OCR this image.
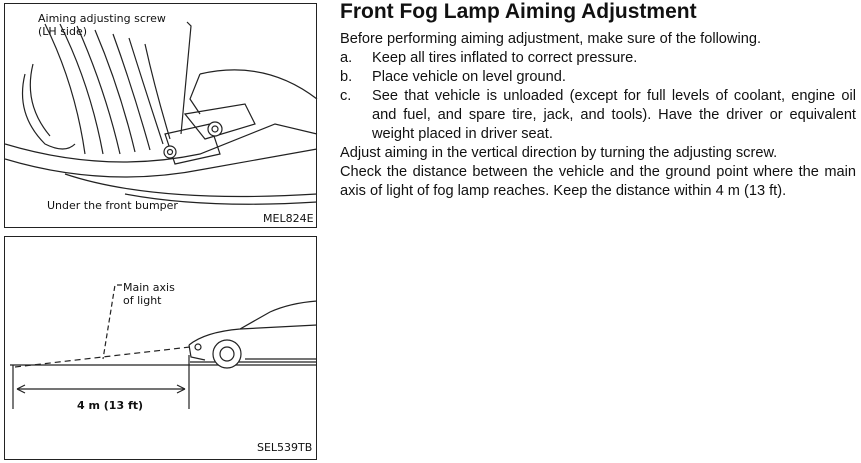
Aiming adjusting screw
(LH side)
Under the front bumper
MEL824E
Main axis
of light
4 m (13 ft)
SEL539TB
Front Fog Lamp Aiming Adjustment

Before performing aiming adjustment, make sure of the following.

a.	Keep all tires inflated to correct pressure.
b.	Place vehicle on level ground.
c.	See that vehicle is unloaded (except for full levels of coolant, engine oil and fuel, and spare tire, jack, and tools). Have the driver or equivalent weight placed in driver seat.

Adjust aiming in the vertical direction by turning the adjusting screw.

Check the distance between the vehicle and the ground point where the main axis of light of fog lamp reaches. Keep the distance within 4 m (13 ft).
